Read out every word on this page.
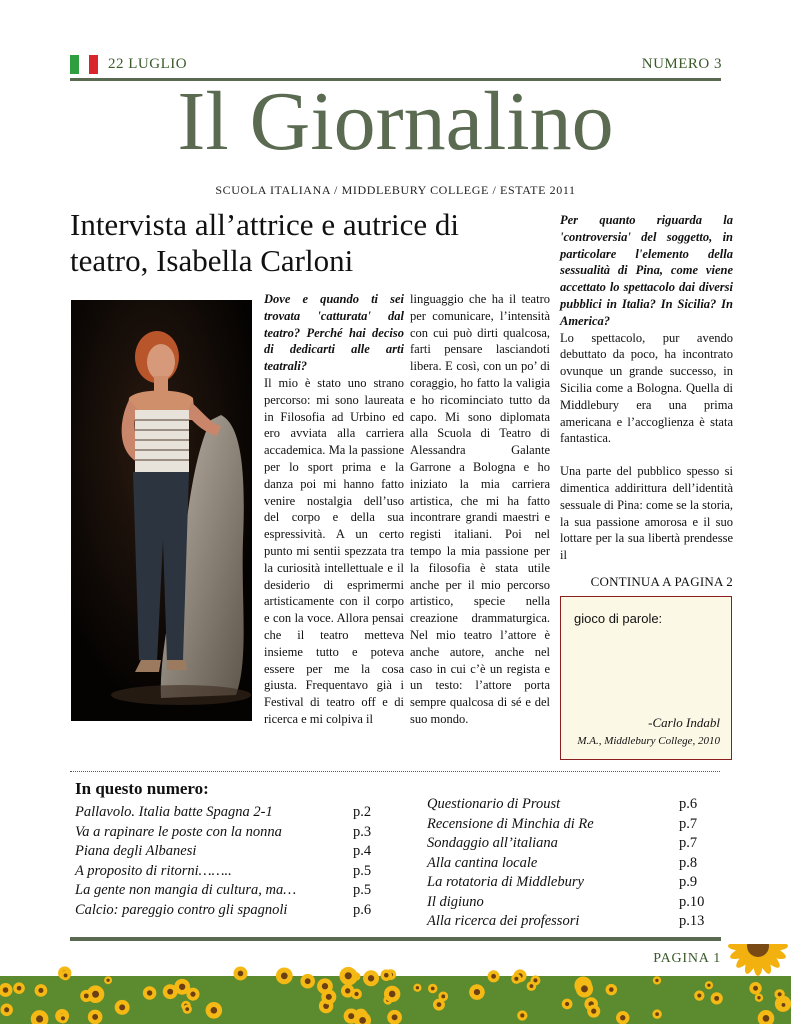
22 LUGLIO	NUMERO 3
Il Giornalino
SCUOLA ITALIANA / MIDDLEBURY COLLEGE / ESTATE 2011
Intervista all’attrice e autrice di teatro, Isabella Carloni

Dove e quando ti sei trovata 'catturata' dal teatro? Perché hai deciso di dedicarti alle arti teatrali?

Il mio è stato uno strano percorso: mi sono laureata in Filosofia ad Urbino ed ero avviata alla carriera accademica. Ma la passione per lo sport prima e la danza poi mi hanno fatto venire nostalgia dell’uso del corpo e della sua espressività. A un certo punto mi sentii spezzata tra la curiosità intellettuale e il desiderio di esprimermi artisticamente con il corpo e con la voce. Allora pensai che il teatro metteva insieme tutto e poteva essere per me la cosa giusta. Frequentavo già i Festival di teatro off e di ricerca e mi colpiva il

linguaggio che ha il teatro per comunicare, l’intensità con cui può dirti qualcosa, farti pensare lasciandoti libera. E così, con un po’ di coraggio, ho fatto la valigia e ho ricominciato tutto da capo. Mi sono diplomata alla Scuola di Teatro di Alessandra Galante Garrone a Bologna e ho iniziato la mia carriera artistica, che mi ha fatto incontrare grandi maestri e registi italiani. Poi nel tempo la mia passione per la filosofia è stata utile anche per il mio percorso artistico, specie nella creazione drammaturgica. Nel mio teatro l’attore è anche autore, anche nel caso in cui c’è un regista e un testo: l’attore porta sempre qualcosa di sé e del suo mondo.

Per quanto riguarda la 'controversia' del soggetto, in particolare l'elemento della sessualità di Pina, come viene accettato lo spettacolo dai diversi pubblici in Italia? In Sicilia? In America?

Lo spettacolo, pur avendo debuttato da poco, ha incontrato ovunque un grande successo, in Sicilia come a Bologna. Quella di Middlebury era una prima americana e l’accoglienza è stata fantastica.

Una parte del pubblico spesso si dimentica addirittura dell’identità sessuale di Pina: come se la storia, la sua passione amorosa e il suo lottare per la sua libertà prendesse il

CONTINUA A PAGINA 2
gioco di parole:
-Carlo Indabl
M.A., Middlebury College, 2010
In questo numero:
Pallavolo. Italia batte Spagna 2-1	p.2
Va a rapinare le poste con la nonna	p.3
Piana degli Albanesi	p.4
A proposito di ritorni……..	p.5
La gente non mangia di cultura, ma…	p.5
Calcio: pareggio contro gli spagnoli	p.6
Questionario di Proust	p.6
Recensione di Minchia di Re	p.7
Sondaggio all’italiana	p.7
Alla cantina locale	p.8
La rotatoria di Middlebury	p.9
Il digiuno	p.10
Alla ricerca dei professori	p.13
PAGINA 1
